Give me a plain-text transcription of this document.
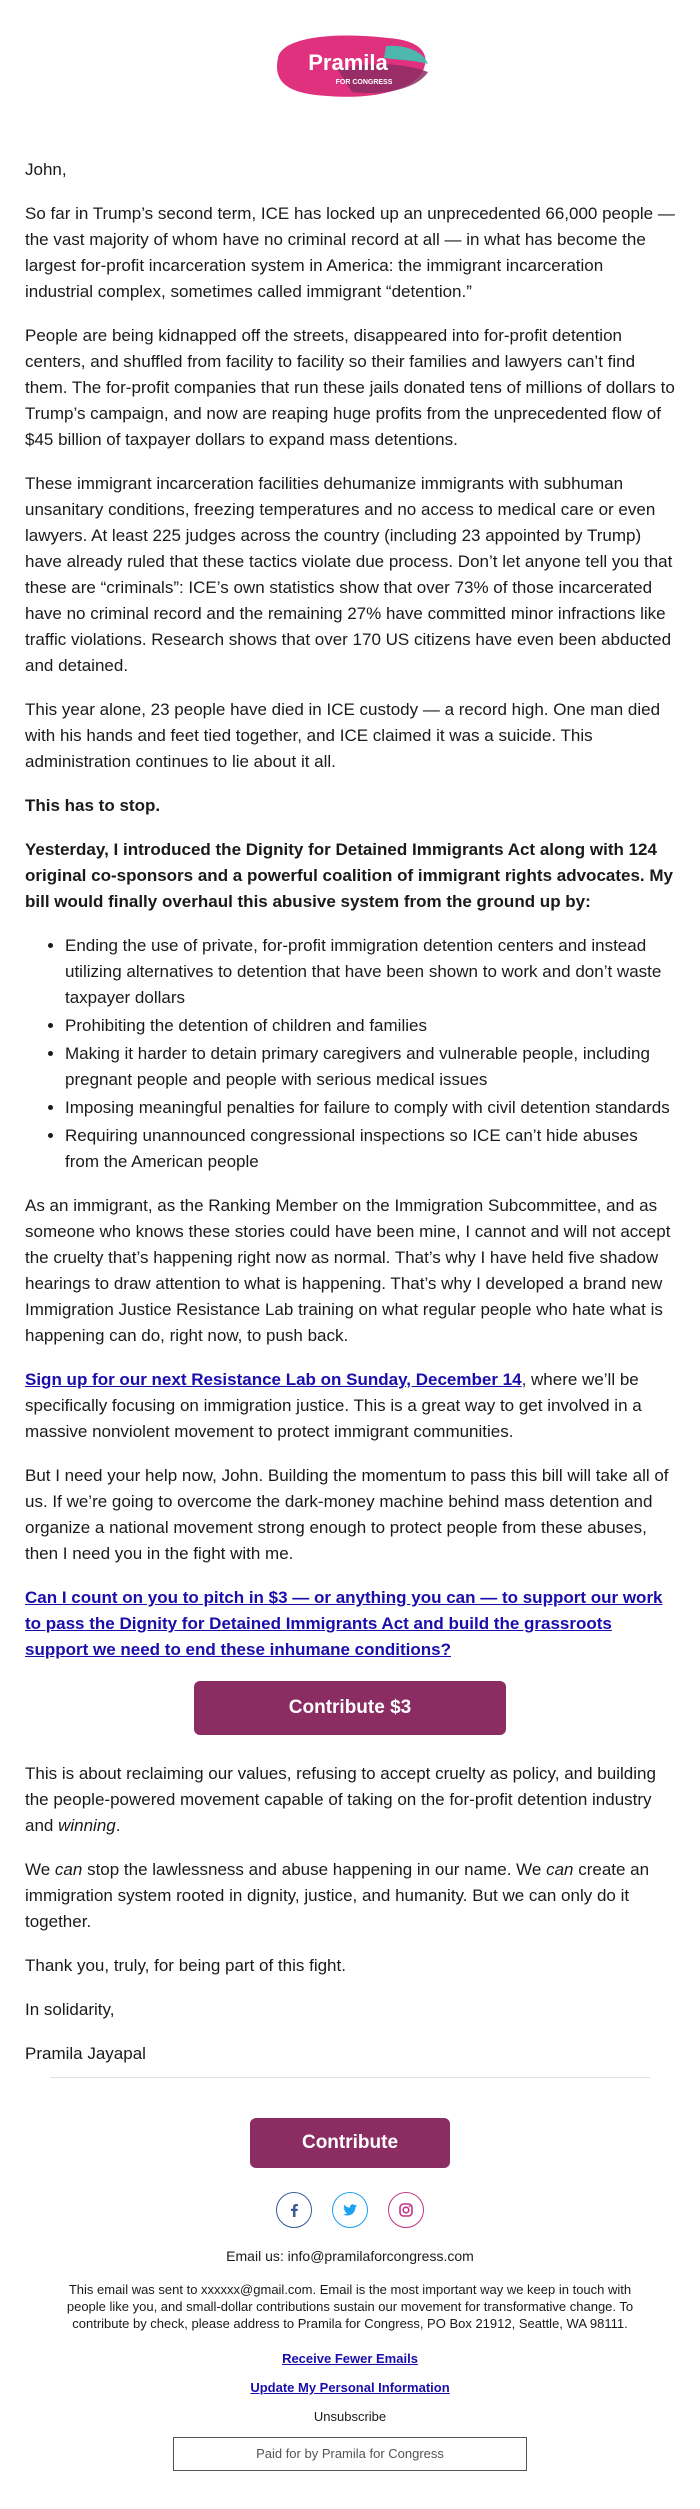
Pramila
FOR CONGRESS

John,

So far in Trump’s second term, ICE has locked up an unprecedented 66,000 people — the vast majority of whom have no criminal record at all — in what has become the largest for-profit incarceration system in America: the immigrant incarceration industrial complex, sometimes called immigrant “detention.”

People are being kidnapped off the streets, disappeared into for-profit detention centers, and shuffled from facility to facility so their families and lawyers can’t find them. The for-profit companies that run these jails donated tens of millions of dollars to Trump’s campaign, and now are reaping huge profits from the unprecedented flow of $45 billion of taxpayer dollars to expand mass detentions.

These immigrant incarceration facilities dehumanize immigrants with subhuman unsanitary conditions, freezing temperatures and no access to medical care or even lawyers. At least 225 judges across the country (including 23 appointed by Trump) have already ruled that these tactics violate due process. Don’t let anyone tell you that these are “criminals”: ICE’s own statistics show that over 73% of those incarcerated have no criminal record and the remaining 27% have committed minor infractions like traffic violations. Research shows that over 170 US citizens have even been abducted and detained.

This year alone, 23 people have died in ICE custody — a record high. One man died with his hands and feet tied together, and ICE claimed it was a suicide. This administration continues to lie about it all.

This has to stop.

Yesterday, I introduced the Dignity for Detained Immigrants Act along with 124 original co-sponsors and a powerful coalition of immigrant rights advocates. My bill would finally overhaul this abusive system from the ground up by:

• Ending the use of private, for-profit immigration detention centers and instead utilizing alternatives to detention that have been shown to work and don’t waste taxpayer dollars
• Prohibiting the detention of children and families
• Making it harder to detain primary caregivers and vulnerable people, including pregnant people and people with serious medical issues
• Imposing meaningful penalties for failure to comply with civil detention standards
• Requiring unannounced congressional inspections so ICE can’t hide abuses from the American people

As an immigrant, as the Ranking Member on the Immigration Subcommittee, and as someone who knows these stories could have been mine, I cannot and will not accept the cruelty that’s happening right now as normal. That’s why I have held five shadow hearings to draw attention to what is happening. That’s why I developed a brand new Immigration Justice Resistance Lab training on what regular people who hate what is happening can do, right now, to push back.

Sign up for our next Resistance Lab on Sunday, December 14, where we’ll be specifically focusing on immigration justice. This is a great way to get involved in a massive nonviolent movement to protect immigrant communities.

But I need your help now, John. Building the momentum to pass this bill will take all of us. If we’re going to overcome the dark-money machine behind mass detention and organize a national movement strong enough to protect people from these abuses, then I need you in the fight with me.

Can I count on you to pitch in $3 — or anything you can — to support our work to pass the Dignity for Detained Immigrants Act and build the grassroots support we need to end these inhumane conditions?

Contribute $3

This is about reclaiming our values, refusing to accept cruelty as policy, and building the people-powered movement capable of taking on the for-profit detention industry and winning.

We can stop the lawlessness and abuse happening in our name. We can create an immigration system rooted in dignity, justice, and humanity. But we can only do it together.

Thank you, truly, for being part of this fight.

In solidarity,

Pramila Jayapal

Contribute
Email us: info@pramilaforcongress.com
This email was sent to xxxxxx@gmail.com. Email is the most important way we keep in touch with people like you, and small-dollar contributions sustain our movement for transformative change. To contribute by check, please address to Pramila for Congress, PO Box 21912, Seattle, WA 98111.
Receive Fewer Emails
Update My Personal Information
Unsubscribe
Paid for by Pramila for Congress
